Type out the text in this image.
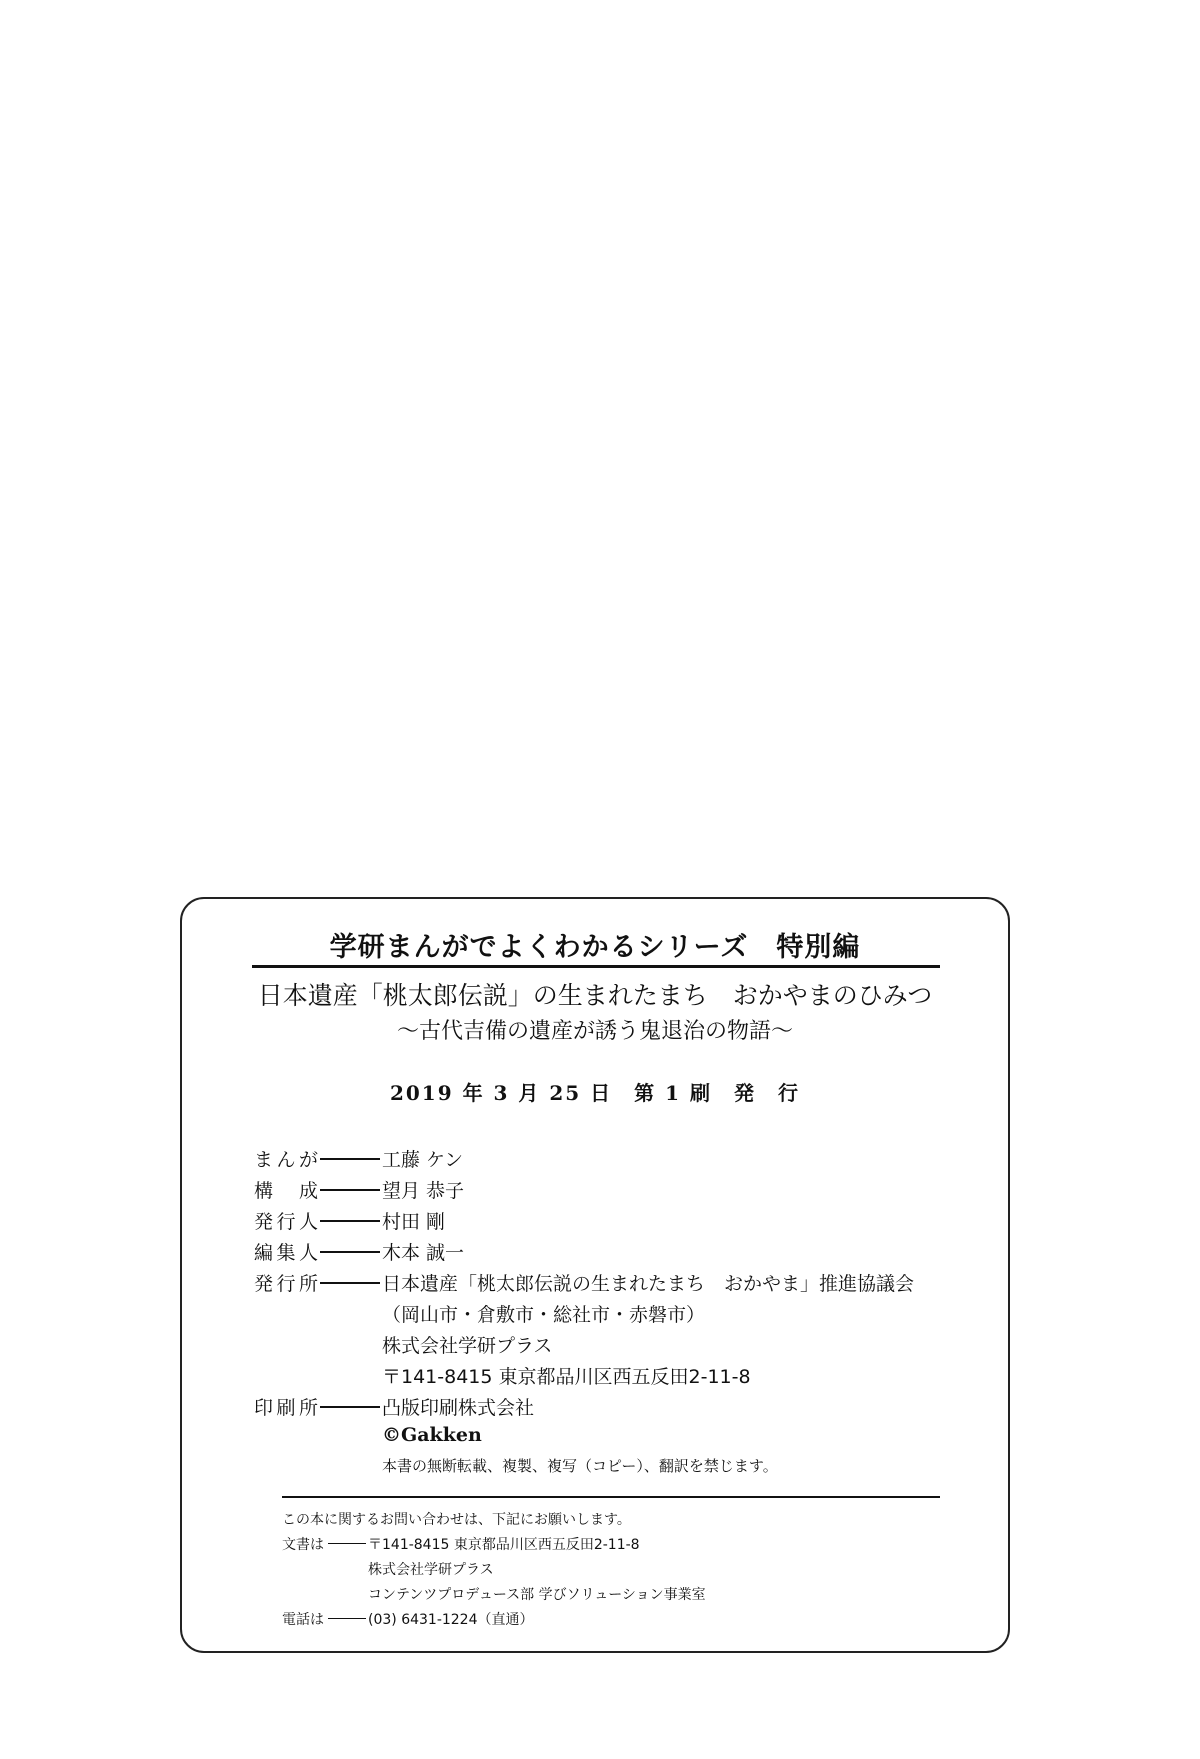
学研まんがでよくわかるシリーズ　特別編
日本遺産「桃太郎伝説」の生まれたまち　おかやまのひみつ
～古代吉備の遺産が誘う鬼退治の物語～
2019 年 3 月 25 日　第 1 刷　発　行
まんが	工藤 ケン
構　成	望月 恭子
発行人	村田 剛
編集人	木本 誠一
発行所	日本遺産「桃太郎伝説の生まれたまち　おかやま」推進協議会
（岡山市・倉敷市・総社市・赤磐市）
株式会社学研プラス
〒141-8415 東京都品川区西五反田2-11-8
印刷所	凸版印刷株式会社
©Gakken
本書の無断転載、複製、複写（コピー）、翻訳を禁じます。
この本に関するお問い合わせは、下記にお願いします。
文書は	〒141-8415 東京都品川区西五反田2-11-8
株式会社学研プラス
コンテンツプロデュース部 学びソリューション事業室
電話は	(03) 6431-1224（直通）
